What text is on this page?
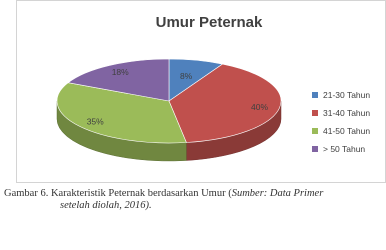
Umur Peternak
8%
40%
35%
18%
21-30 Tahun
31-40 Tahun
41-50 Tahun
> 50 Tahun
Gambar 6. Karakteristik Peternak berdasarkan Umur (Sumber: Data Primer
setelah diolah, 2016).
